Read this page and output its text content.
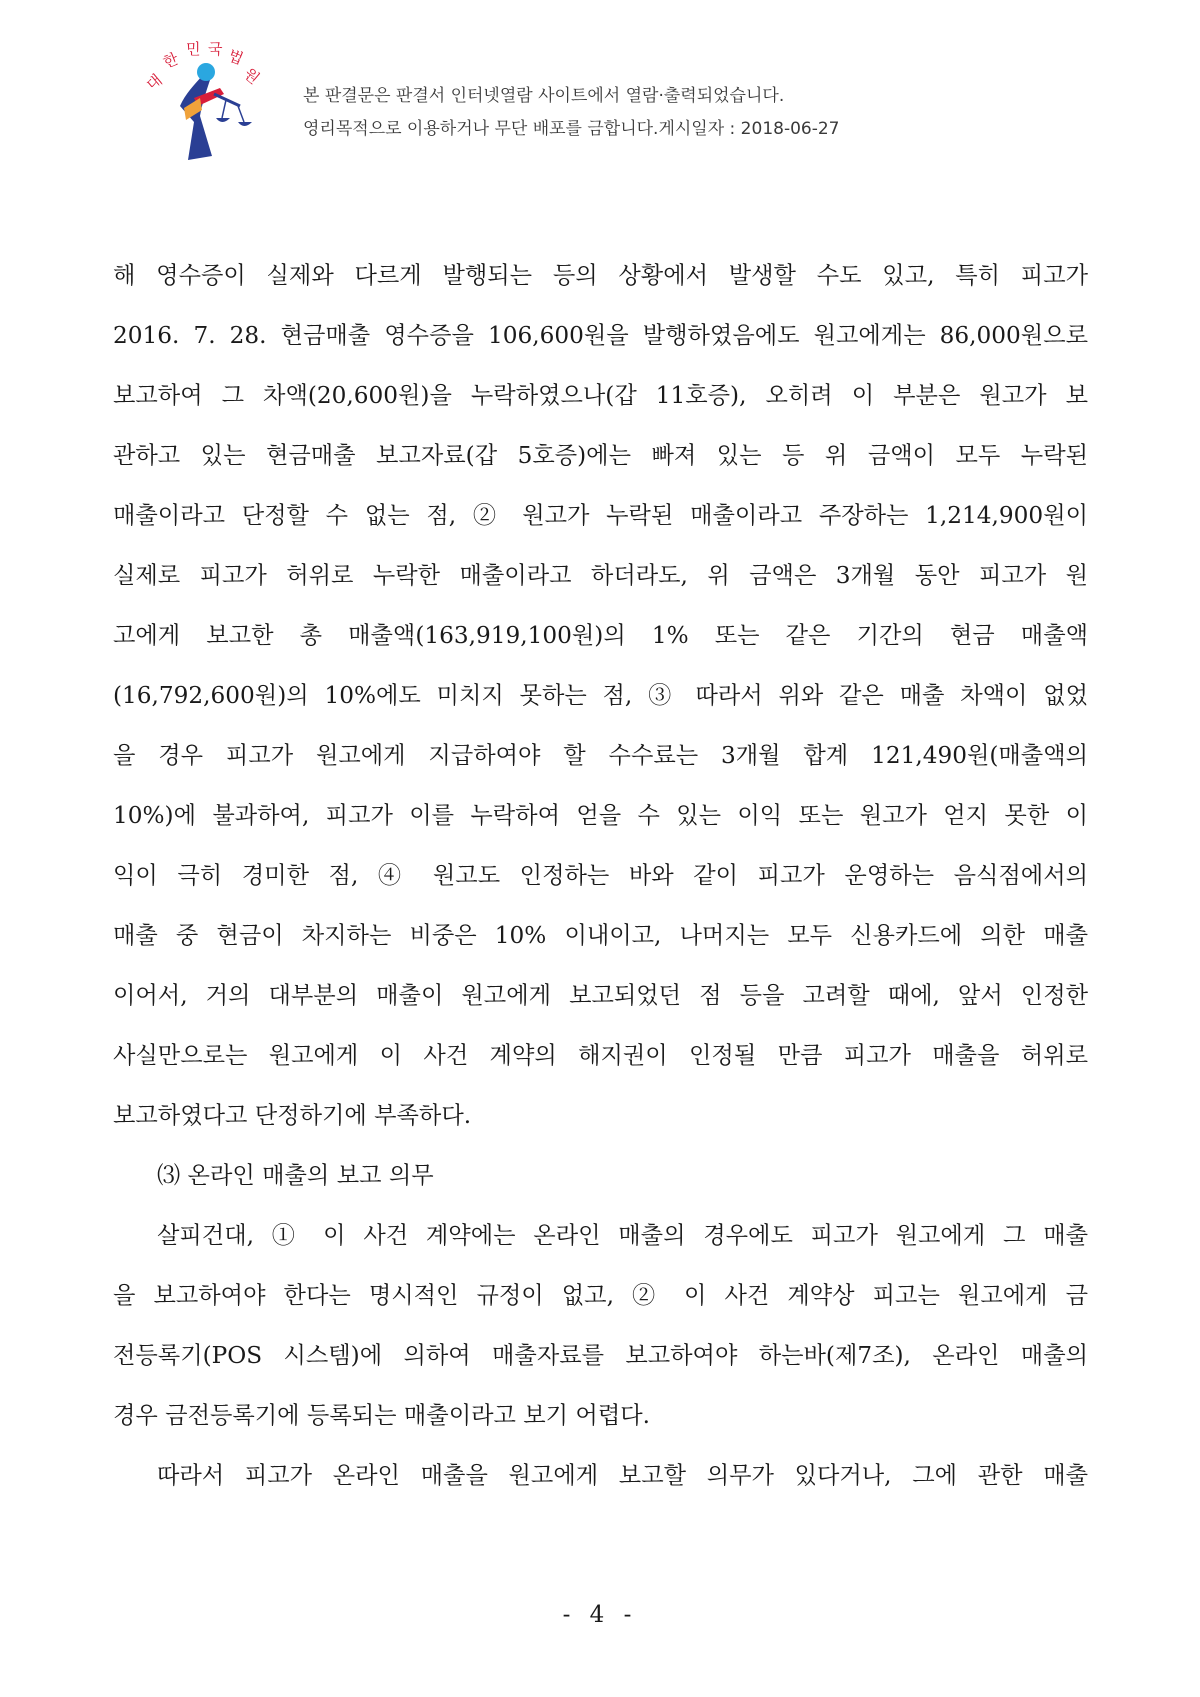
대
한
민 국 법
원
본 판결문은 판결서 인터넷열람 사이트에서 열람·출력되었습니다.
영리목적으로 이용하거나 무단 배포를 금합니다.게시일자 : 2018-06-27
해 영수증이 실제와 다르게 발행되는 등의 상황에서 발생할 수도 있고, 특히 피고가
2016. 7. 28. 현금매출 영수증을 106,600원을 발행하였음에도 원고에게는 86,000원으로
보고하여 그 차액(20,600원)을 누락하였으나(갑 11호증), 오히려 이 부분은 원고가 보
관하고 있는 현금매출 보고자료(갑 5호증)에는 빠져 있는 등 위 금액이 모두 누락된
매출이라고 단정할 수 없는 점, ② 원고가 누락된 매출이라고 주장하는 1,214,900원이
실제로 피고가 허위로 누락한 매출이라고 하더라도, 위 금액은 3개월 동안 피고가 원
고에게 보고한 총 매출액(163,919,100원)의 1% 또는 같은 기간의 현금 매출액
(16,792,600원)의 10%에도 미치지 못하는 점, ③ 따라서 위와 같은 매출 차액이 없었
을 경우 피고가 원고에게 지급하여야 할 수수료는 3개월 합계 121,490원(매출액의
10%)에 불과하여, 피고가 이를 누락하여 얻을 수 있는 이익 또는 원고가 얻지 못한 이
익이 극히 경미한 점, ④ 원고도 인정하는 바와 같이 피고가 운영하는 음식점에서의
매출 중 현금이 차지하는 비중은 10% 이내이고, 나머지는 모두 신용카드에 의한 매출
이어서, 거의 대부분의 매출이 원고에게 보고되었던 점 등을 고려할 때에, 앞서 인정한
사실만으로는 원고에게 이 사건 계약의 해지권이 인정될 만큼 피고가 매출을 허위로
보고하였다고 단정하기에 부족하다.
⑶ 온라인 매출의 보고 의무
살피건대, ① 이 사건 계약에는 온라인 매출의 경우에도 피고가 원고에게 그 매출
을 보고하여야 한다는 명시적인 규정이 없고, ② 이 사건 계약상 피고는 원고에게 금
전등록기(POS 시스템)에 의하여 매출자료를 보고하여야 하는바(제7조), 온라인 매출의
경우 금전등록기에 등록되는 매출이라고 보기 어렵다.
따라서 피고가 온라인 매출을 원고에게 보고할 의무가 있다거나, 그에 관한 매출
- 4 -
